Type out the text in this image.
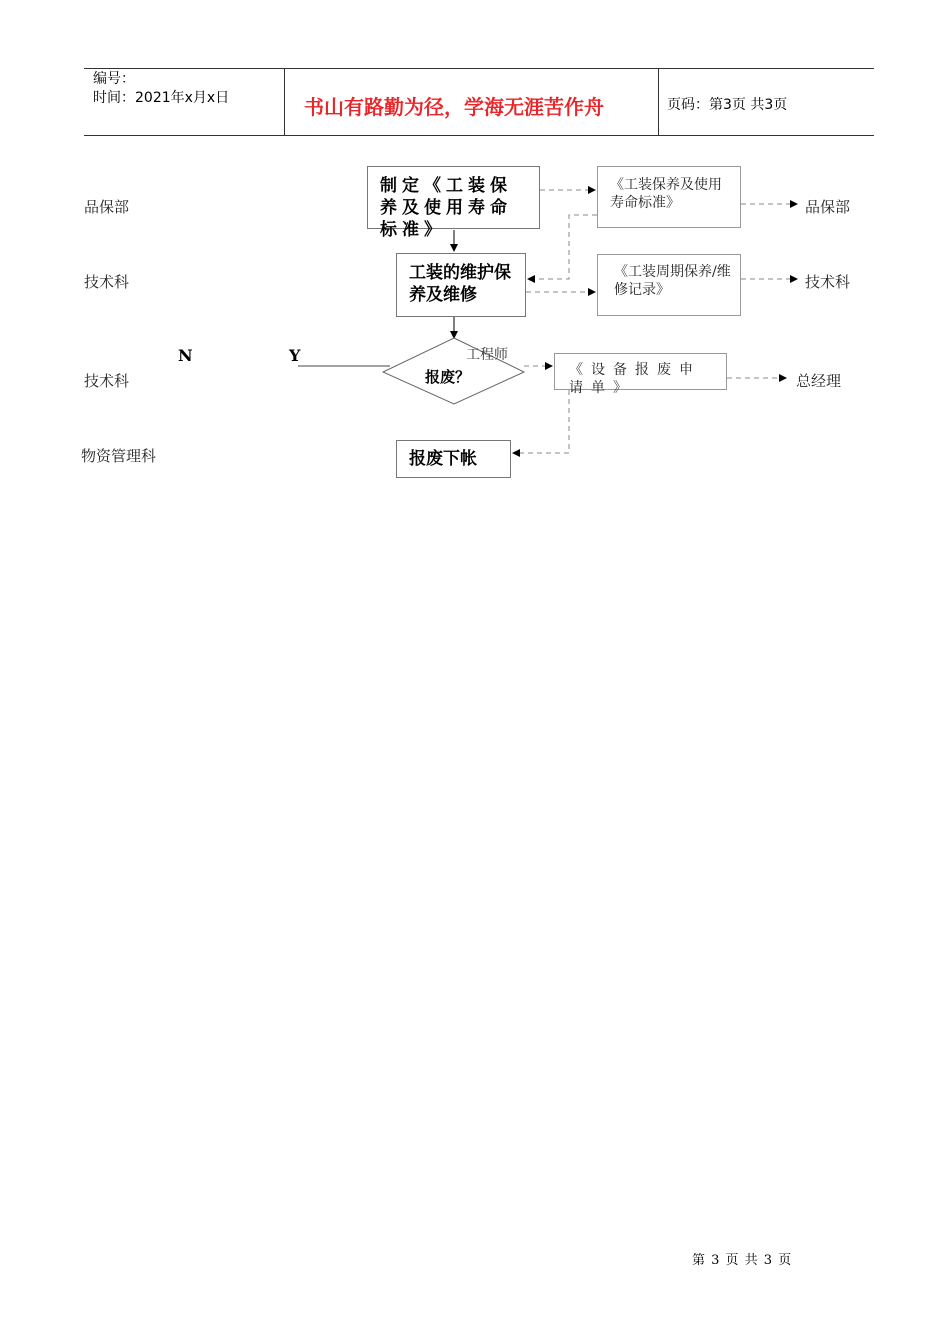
编号：
时间：2021年x月x日	书山有路勤为径，学海无涯苦作舟	页码：第3页 共3页
品保部
技术科
技术科
物资管理科
制定《工装保养及使用寿命标准》
工装的维护保养及维修
报废？
工程师
报废下帐
N	Y
《工装保养及使用寿命标准》
《工装周期保养/维修记录》
《设备报废申请单》
品保部
技术科
总经理
第 3 页 共 3 页
